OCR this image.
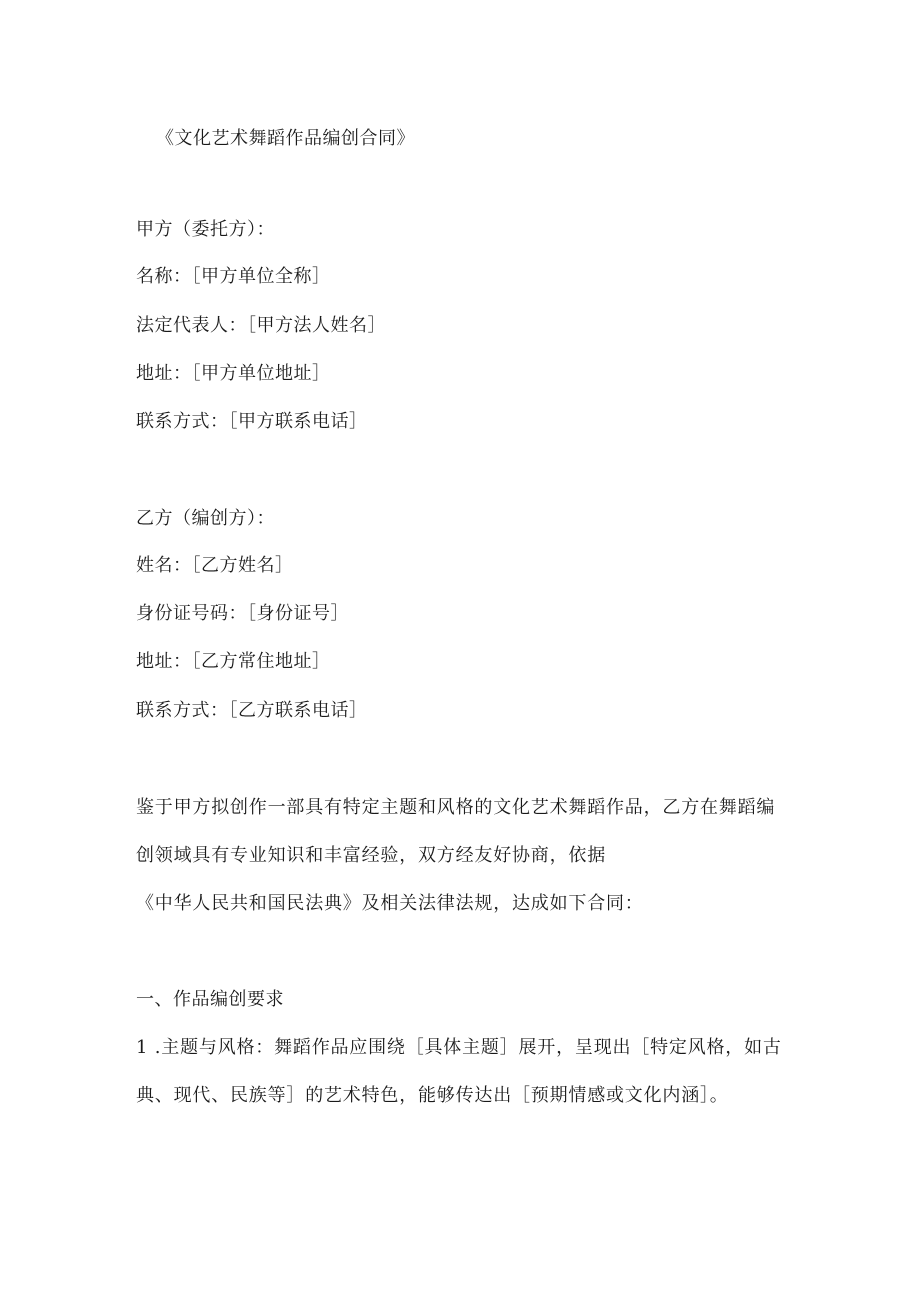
《文化艺术舞蹈作品编创合同》
甲方（委托方）：
名称：［甲方单位全称］
法定代表人：［甲方法人姓名］
地址：［甲方单位地址］
联系方式：［甲方联系电话］
乙方（编创方）：
姓名：［乙方姓名］
身份证号码：［身份证号］
地址：［乙方常住地址］
联系方式：［乙方联系电话］
鉴于甲方拟创作一部具有特定主题和风格的文化艺术舞蹈作品，乙方在舞蹈编
创领域具有专业知识和丰富经验，双方经友好协商，依据
《中华人民共和国民法典》及相关法律法规，达成如下合同：
一、作品编创要求
1 .主题与风格：舞蹈作品应围绕［具体主题］展开，呈现出［特定风格，如古
典、现代、民族等］的艺术特色，能够传达出［预期情感或文化内涵］。
